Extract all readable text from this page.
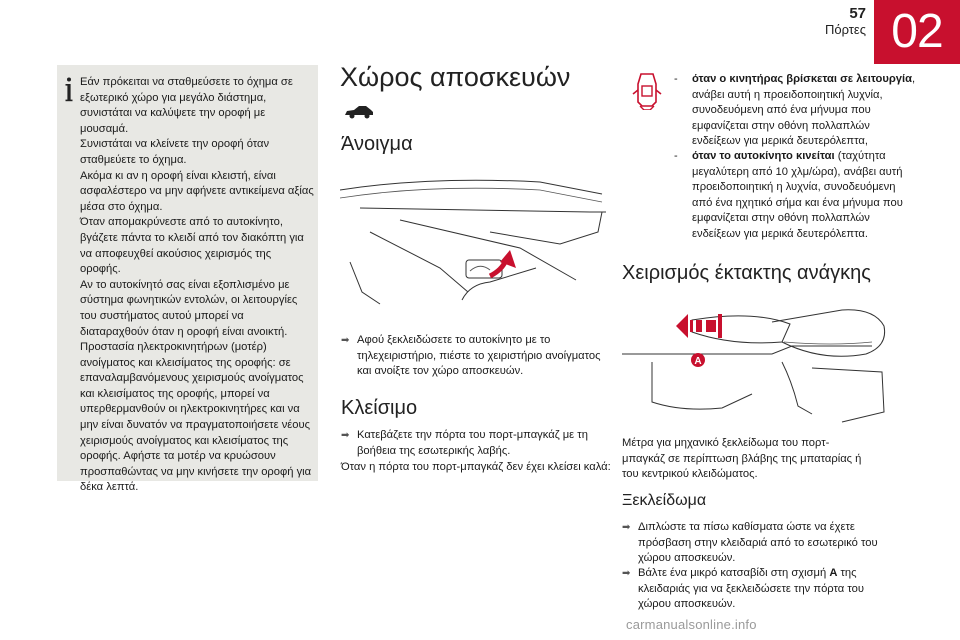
57
Πόρτες 02

Εάν πρόκειται να σταθμεύσετε το όχημα σε εξωτερικό χώρο για μεγάλο διάστημα, συνιστάται να καλύψετε την οροφή με μουσαμά.

Συνιστάται να κλείνετε την οροφή όταν σταθμεύετε το όχημα.

Ακόμα κι αν η οροφή είναι κλειστή, είναι ασφαλέστερο να μην αφήνετε αντικείμενα αξίας μέσα στο όχημα.

Όταν απομακρύνεστε από το αυτοκίνητο, βγάζετε πάντα το κλειδί από τον διακόπτη για να αποφευχθεί ακούσιος χειρισμός της οροφής.

Αν το αυτοκίνητό σας είναι εξοπλισμένο με σύστημα φωνητικών εντολών, οι λειτουργίες του συστήματος αυτού μπορεί να διαταραχθούν όταν η οροφή είναι ανοικτή.

Προστασία ηλεκτροκινητήρων (μοτέρ) ανοίγματος και κλεισίματος της οροφής: σε επαναλαμβανόμενους χειρισμούς ανοίγματος και κλεισίματος της οροφής, μπορεί να υπερθερμανθούν οι ηλεκτροκινητήρες και να μην είναι δυνατόν να πραγματοποιήσετε νέους χειρισμούς ανοίγματος και κλεισίματος της οροφής. Αφήστε τα μοτέρ να κρυώσουν προσπαθώντας να μην κινήσετε την οροφή για δέκα λεπτά.

Χώρος αποσκευών
Άνοιγμα
➡ Αφού ξεκλειδώσετε το αυτοκίνητο με το τηλεχειριστήριο, πιέστε το χειριστήριο ανοίγματος και ανοίξτε τον χώρο αποσκευών.
Κλείσιμο
➡ Κατεβάζετε την πόρτα του πορτ-μπαγκάζ με τη βοήθεια της εσωτερικής λαβής.
Όταν η πόρτα του πορτ-μπαγκάζ δεν έχει κλείσει καλά:
-	όταν ο κινητήρας βρίσκεται σε λειτουργία, ανάβει αυτή η προειδοποιητική λυχνία, συνοδευόμενη από ένα μήνυμα που εμφανίζεται στην οθόνη πολλαπλών ενδείξεων για μερικά δευτερόλεπτα,
-	όταν το αυτοκίνητο κινείται (ταχύτητα μεγαλύτερη από 10 χλμ/ώρα), ανάβει αυτή προειδοποιητική η λυχνία, συνοδευόμενη από ένα ηχητικό σήμα και ένα μήνυμα που εμφανίζεται στην οθόνη πολλαπλών ενδείξεων για μερικά δευτερόλεπτα.
Χειρισμός έκτακτης ανάγκης
A
Μέτρα για μηχανικό ξεκλείδωμα του πορτ-μπαγκάζ σε περίπτωση βλάβης της μπαταρίας ή του κεντρικού κλειδώματος.
Ξεκλείδωμα
➡ Διπλώστε τα πίσω καθίσματα ώστε να έχετε πρόσβαση στην κλειδαριά από το εσωτερικό του χώρου αποσκευών.
➡ Βάλτε ένα μικρό κατσαβίδι στη σχισμή A της κλειδαριάς για να ξεκλειδώσετε την πόρτα του χώρου αποσκευών.
carmanualsonline.info
